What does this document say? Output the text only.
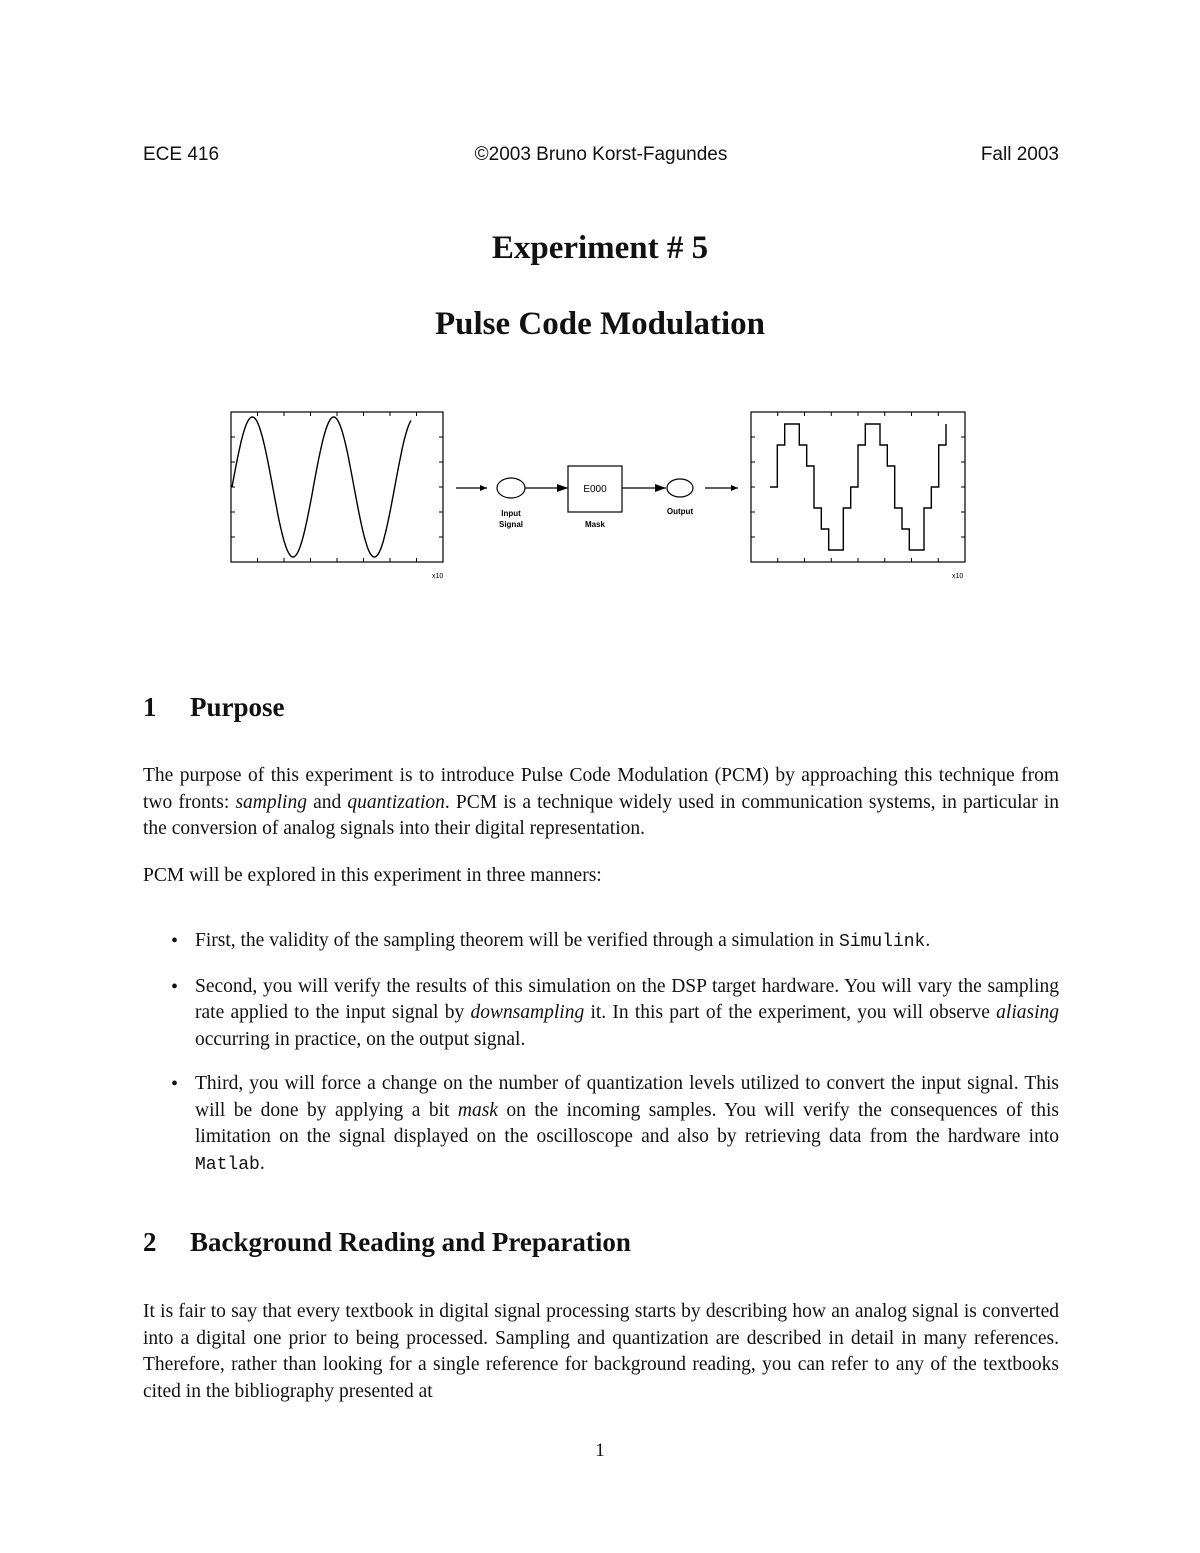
ECE 416	©2003 Bruno Korst-Fagundes	Fall 2003
Experiment # 5
Pulse Code Modulation
x10
E000
Input
Signal	Mask
Output
x10
1 Purpose
The purpose of this experiment is to introduce Pulse Code Modulation (PCM) by approaching this technique from two fronts: sampling and quantization. PCM is a technique widely used in communication systems, in particular in the conversion of analog signals into their digital representation.
PCM will be explored in this experiment in three manners:
• First, the validity of the sampling theorem will be verified through a simulation in Simulink.
• Second, you will verify the results of this simulation on the DSP target hardware. You will vary the sampling rate applied to the input signal by downsampling it. In this part of the experiment, you will observe aliasing occurring in practice, on the output signal.
• Third, you will force a change on the number of quantization levels utilized to convert the input signal. This will be done by applying a bit mask on the incoming samples. You will verify the consequences of this limitation on the signal displayed on the oscilloscope and also by retrieving data from the hardware into Matlab.
2 Background Reading and Preparation
It is fair to say that every textbook in digital signal processing starts by describing how an analog signal is converted into a digital one prior to being processed. Sampling and quantization are described in detail in many references. Therefore, rather than looking for a single reference for background reading, you can refer to any of the textbooks cited in the bibliography presented at
1
